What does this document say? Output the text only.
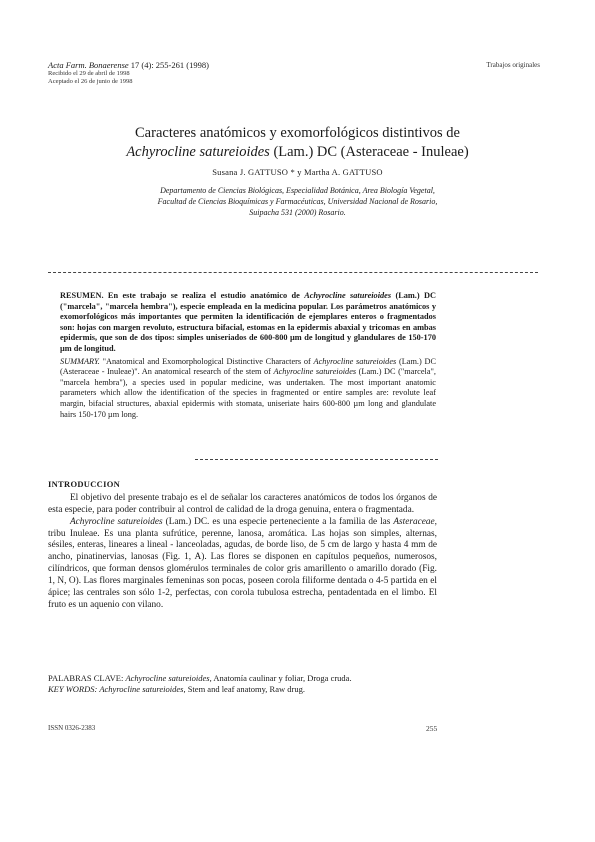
Acta Farm. Bonaerense 17 (4): 255-261 (1998)
Recibido el 29 de abril de 1998
Aceptado el 26 de junio de 1998
Trabajos originales
Caracteres anatómicos y exomorfológicos distintivos de
Achyrocline satureioides (Lam.) DC (Asteraceae - Inuleae)
Susana J. GATTUSO * y Martha A. GATTUSO
Departamento de Ciencias Biológicas, Especialidad Botánica, Area Biología Vegetal,
Facultad de Ciencias Bioquímicas y Farmacéuticas, Universidad Nacional de Rosario,
Suipacha 531 (2000) Rosario.

RESUMEN. En este trabajo se realiza el estudio anatómico de Achyrocline satureioides (Lam.) DC ("marcela", "marcela hembra"), especie empleada en la medicina popular. Los parámetros anatómicos y exomorfológicos más importantes que permiten la identificación de ejemplares enteros o fragmentados son: hojas con margen revoluto, estructura bifacial, estomas en la epidermis abaxial y tricomas en ambas epidermis, que son de dos tipos: simples uniseriados de 600-800 µm de longitud y glandulares de 150-170 µm de longitud.

SUMMARY. "Anatomical and Exomorphological Distinctive Characters of Achyrocline satureioides (Lam.) DC (Asteraceae - Inuleae)". An anatomical research of the stem of Achyrocline satureioides (Lam.) DC ("marcela", "marcela hembra"), a species used in popular medicine, was undertaken. The most important anatomic parameters which allow the identification of the species in fragmented or entire samples are: revolute leaf margin, bifacial structures, abaxial epidermis with stomata, uniseriate hairs 600-800 µm long and glandulate hairs 150-170 µm long.

INTRODUCCION

El objetivo del presente trabajo es el de señalar los caracteres anatómicos de todos los órganos de esta especie, para poder contribuir al control de calidad de la droga genuina, entera o fragmentada.

Achyrocline satureioides (Lam.) DC. es una especie perteneciente a la familia de las Asteraceae, tribu Inuleae. Es una planta sufrútice, perenne, lanosa, aromática. Las hojas son simples, alternas, sésiles, enteras, lineares a lineal - lanceoladas, agudas, de borde liso, de 5 cm de largo y hasta 4 mm de ancho, pinatinervias, lanosas (Fig. 1, A). Las flores se disponen en capítulos pequeños, numerosos, cilíndricos, que forman densos glomérulos terminales de color gris amarillento o amarillo dorado (Fig. 1, N, O). Las flores marginales femeninas son pocas, poseen corola filiforme dentada o 4-5 partida en el ápice; las centrales son sólo 1-2, perfectas, con corola tubulosa estrecha, pentadentada en el limbo. El fruto es un aquenio con vilano.

PALABRAS CLAVE: Achyrocline satureioides, Anatomía caulinar y foliar, Droga cruda.
KEY WORDS: Achyrocline satureioides, Stem and leaf anatomy, Raw drug.
ISSN 0326-2383	255
